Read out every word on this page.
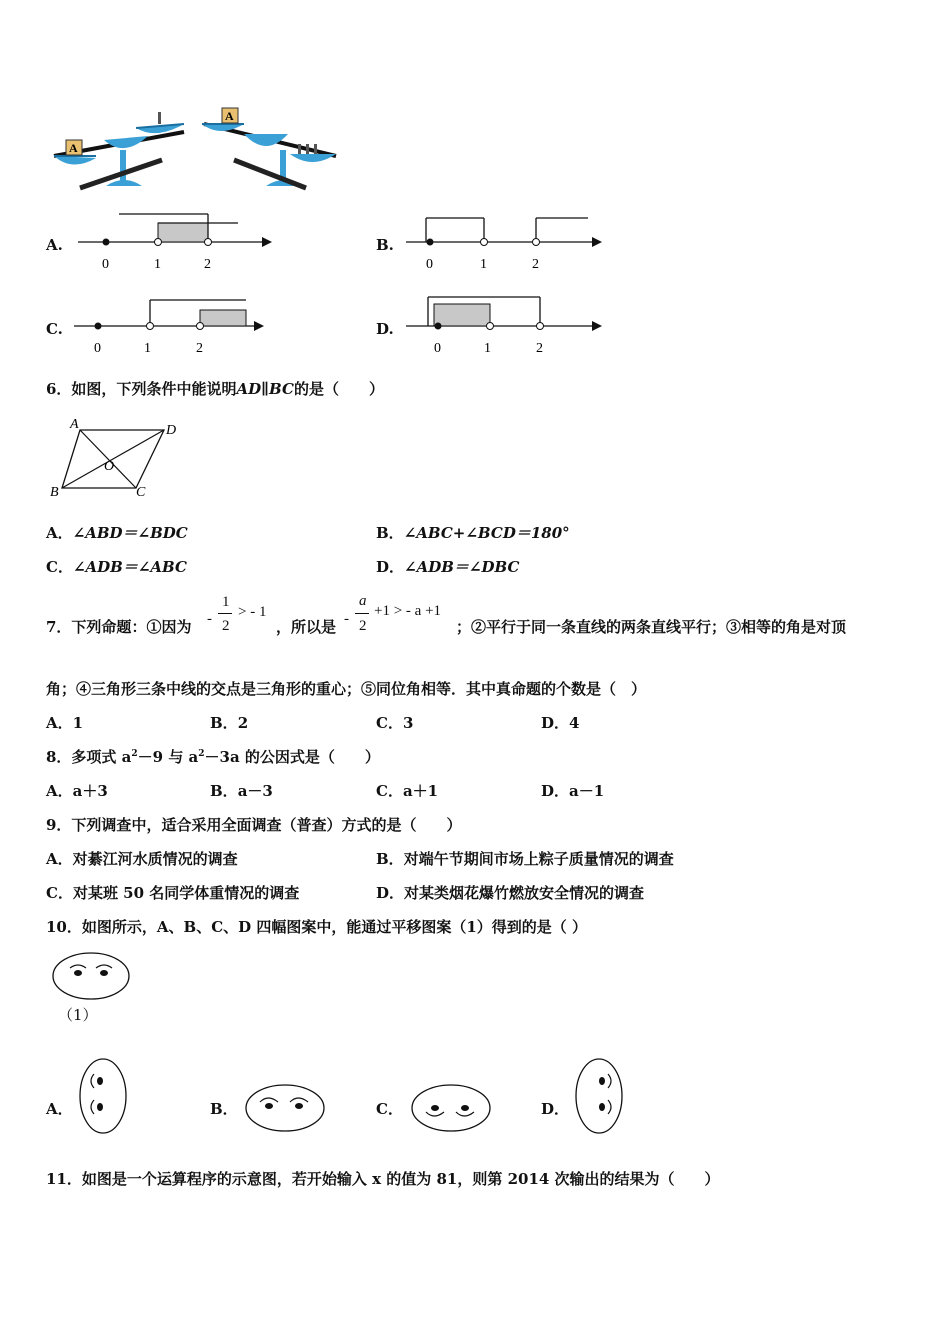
A
A
A.
0	1	2
B.
0	1	2
C.
0	1	2
D.
0	1	2
6．如图，下列条件中能说明AD∥BC的是（　　）
A	D
B	C
O
A．∠ABD＝∠BDC	B．∠ABC+∠BCD＝180°
C．∠ADB＝∠ABC	D．∠ADB＝∠DBC
7．下列命题：①因为 -
1
2
> - 1
，所以是 -
a
2
+1 > - a +1
；②平行于同一条直线的两条直线平行；③相等的角是对顶
角；④三角形三条中线的交点是三角形的重心；⑤同位角相等．其中真命题的个数是（　）
A．1	B．2	C．3	D．4
8．多项式 $a^2-9$ 与 $a^2-3a$ 的公因式是（　　）
A．a＋3	B．a－3	C．a＋1	D．a－1
9．下列调查中，适合采用全面调查（普查）方式的是（　　）
A．对綦江河水质情况的调查	B．对端午节期间市场上粽子质量情况的调查
C．对某班 50 名同学体重情况的调查	D．对某类烟花爆竹燃放安全情况的调查
10．如图所示，A、B、C、D 四幅图案中，能通过平移图案（1）得到的是（ ）
（1）
A．	B．	C．	D．
11．如图是一个运算程序的示意图，若开始输入 x 的值为 81，则第 2014 次输出的结果为（　　）
